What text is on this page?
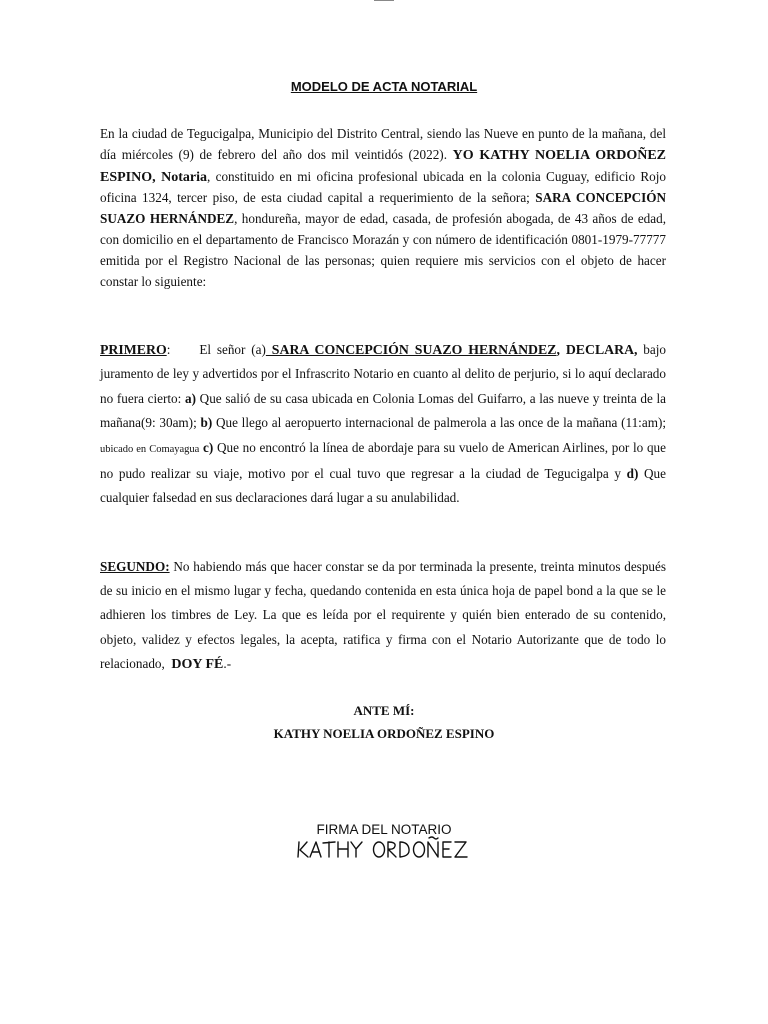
MODELO DE ACTA NOTARIAL

En la ciudad de Tegucigalpa, Municipio del Distrito Central, siendo las Nueve en punto de la mañana, del día miércoles (9) de febrero del año dos mil veintidós (2022). YO KATHY NOELIA ORDOÑEZ ESPINO, Notaria, constituido en mi oficina profesional ubicada en la colonia Cuguay, edificio Rojo oficina 1324, tercer piso, de esta ciudad capital a requerimiento de la señora; SARA CONCEPCIÓN SUAZO HERNÁNDEZ, hondureña, mayor de edad, casada, de profesión abogada, de 43 años de edad, con domicilio en el departamento de Francisco Morazán y con número de identificación 0801-1979-77777 emitida por el Registro Nacional de las personas; quien requiere mis servicios con el objeto de hacer constar lo siguiente:

PRIMERO: El señor (a) SARA CONCEPCIÓN SUAZO HERNÁNDEZ, DECLARA, bajo juramento de ley y advertidos por el Infrascrito Notario en cuanto al delito de perjurio, si lo aquí declarado no fuera cierto: a) Que salió de su casa ubicada en Colonia Lomas del Guifarro, a las nueve y treinta de la mañana(9: 30am); b) Que llego al aeropuerto internacional de palmerola a las once de la mañana (11:am); ubicado en Comayagua c) Que no encontró la línea de abordaje para su vuelo de American Airlines, por lo que no pudo realizar su viaje, motivo por el cual tuvo que regresar a la ciudad de Tegucigalpa y d) Que cualquier falsedad en sus declaraciones dará lugar a su anulabilidad.

SEGUNDO: No habiendo más que hacer constar se da por terminada la presente, treinta minutos después de su inicio en el mismo lugar y fecha, quedando contenida en esta única hoja de papel bond a la que se le adhieren los timbres de Ley. La que es leída por el requirente y quién bien enterado de su contenido, objeto, validez y efectos legales, la acepta, ratifica y firma con el Notario Autorizante que de todo lo relacionado, DOY FÉ.-

ANTE MÍ:
KATHY NOELIA ORDOÑEZ ESPINO
FIRMA DEL NOTARIO
